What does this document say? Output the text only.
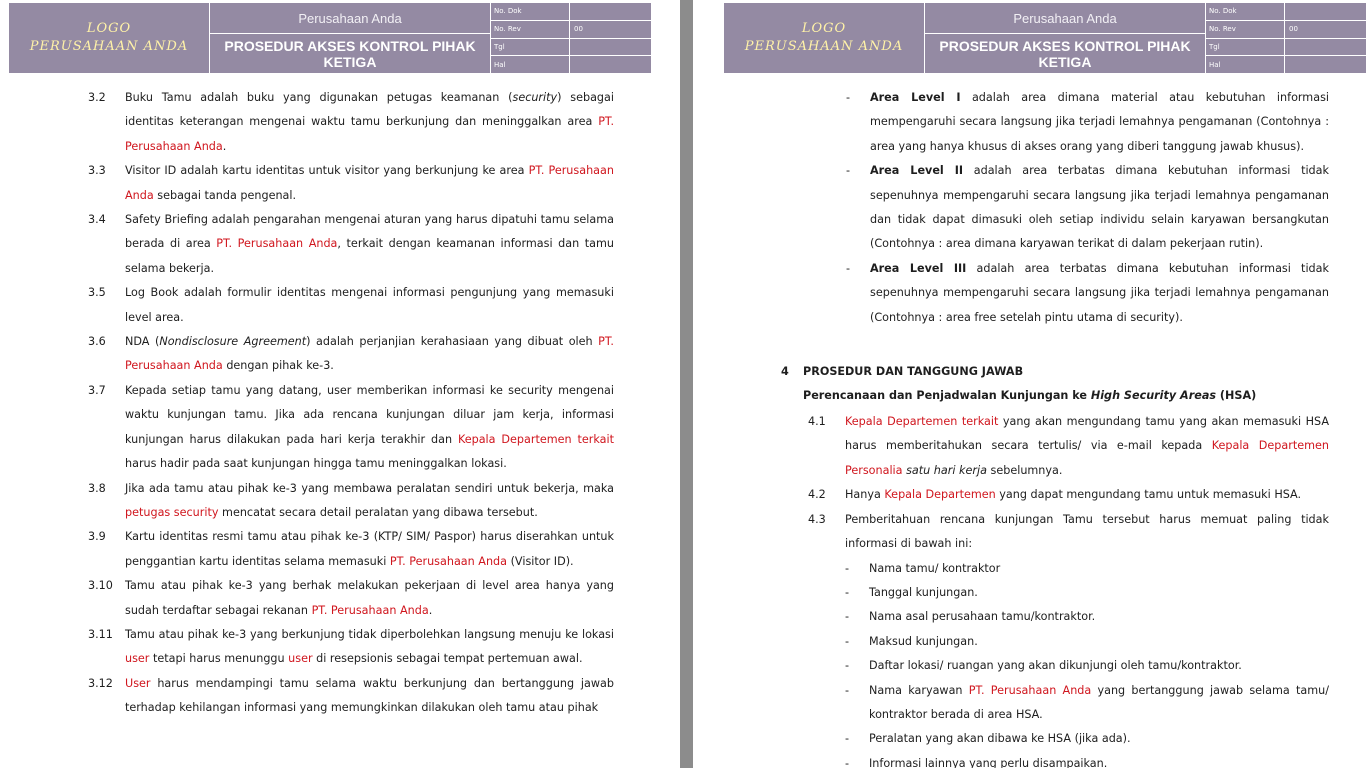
LOGO
PERUSAHAAN ANDA
Perusahaan Anda
PROSEDUR AKSES KONTROL PIHAK KETIGA
No. Dok
No. Rev	00
Tgl
Hal
3.2	Buku Tamu adalah buku yang digunakan petugas keamanan (security) sebagai identitas keterangan mengenai waktu tamu berkunjung dan meninggalkan area PT. Perusahaan Anda.
3.3	Visitor ID adalah kartu identitas untuk visitor yang berkunjung ke area PT. Perusahaan Anda sebagai tanda pengenal.
3.4	Safety Briefing adalah pengarahan mengenai aturan yang harus dipatuhi tamu selama berada di area PT. Perusahaan Anda, terkait dengan keamanan informasi dan tamu selama bekerja.
3.5	Log Book adalah formulir identitas mengenai informasi pengunjung yang memasuki level area.
3.6	NDA (Nondisclosure Agreement) adalah perjanjian kerahasiaan yang dibuat oleh PT. Perusahaan Anda dengan pihak ke-3.
3.7	Kepada setiap tamu yang datang, user memberikan informasi ke security mengenai waktu kunjungan tamu. Jika ada rencana kunjungan diluar jam kerja, informasi kunjungan harus dilakukan pada hari kerja terakhir dan Kepala Departemen terkait harus hadir pada saat kunjungan hingga tamu meninggalkan lokasi.
3.8	Jika ada tamu atau pihak ke-3 yang membawa peralatan sendiri untuk bekerja, maka petugas security mencatat secara detail peralatan yang dibawa tersebut.
3.9	Kartu identitas resmi tamu atau pihak ke-3 (KTP/ SIM/ Paspor) harus diserahkan untuk penggantian kartu identitas selama memasuki PT. Perusahaan Anda (Visitor ID).
3.10	Tamu atau pihak ke-3 yang berhak melakukan pekerjaan di level area hanya yang sudah terdaftar sebagai rekanan PT. Perusahaan Anda.
3.11	Tamu atau pihak ke-3 yang berkunjung tidak diperbolehkan langsung menuju ke lokasi user tetapi harus menunggu user di resepsionis sebagai tempat pertemuan awal.
3.12	User harus mendampingi tamu selama waktu berkunjung dan bertanggung jawab terhadap kehilangan informasi yang memungkinkan dilakukan oleh tamu atau pihak
LOGO
PERUSAHAAN ANDA
Perusahaan Anda
PROSEDUR AKSES KONTROL PIHAK KETIGA
No. Dok
No. Rev	00
Tgl
Hal
-	Area Level I adalah area dimana material atau kebutuhan informasi mempengaruhi secara langsung jika terjadi lemahnya pengamanan (Contohnya : area yang hanya khusus di akses orang yang diberi tanggung jawab khusus).
-	Area Level II adalah area terbatas dimana kebutuhan informasi tidak sepenuhnya mempengaruhi secara langsung jika terjadi lemahnya pengamanan dan tidak dapat dimasuki oleh setiap individu selain karyawan bersangkutan (Contohnya : area dimana karyawan terikat di dalam pekerjaan rutin).
-	Area Level III adalah area terbatas dimana kebutuhan informasi tidak sepenuhnya mempengaruhi secara langsung jika terjadi lemahnya pengamanan (Contohnya : area free setelah pintu utama di security).
4	PROSEDUR DAN TANGGUNG JAWAB
Perencanaan dan Penjadwalan Kunjungan ke High Security Areas (HSA)
4.1	Kepala Departemen terkait yang akan mengundang tamu yang akan memasuki HSA harus memberitahukan secara tertulis/ via e-mail kepada Kepala Departemen Personalia satu hari kerja sebelumnya.
4.2	Hanya Kepala Departemen yang dapat mengundang tamu untuk memasuki HSA.
4.3	Pemberitahuan rencana kunjungan Tamu tersebut harus memuat paling tidak informasi di bawah ini:
-	Nama tamu/ kontraktor
-	Tanggal kunjungan.
-	Nama asal perusahaan tamu/kontraktor.
-	Maksud kunjungan.
-	Daftar lokasi/ ruangan yang akan dikunjungi oleh tamu/kontraktor.
-	Nama karyawan PT. Perusahaan Anda yang bertanggung jawab selama tamu/ kontraktor berada di area HSA.
-	Peralatan yang akan dibawa ke HSA (jika ada).
-	Informasi lainnya yang perlu disampaikan.
